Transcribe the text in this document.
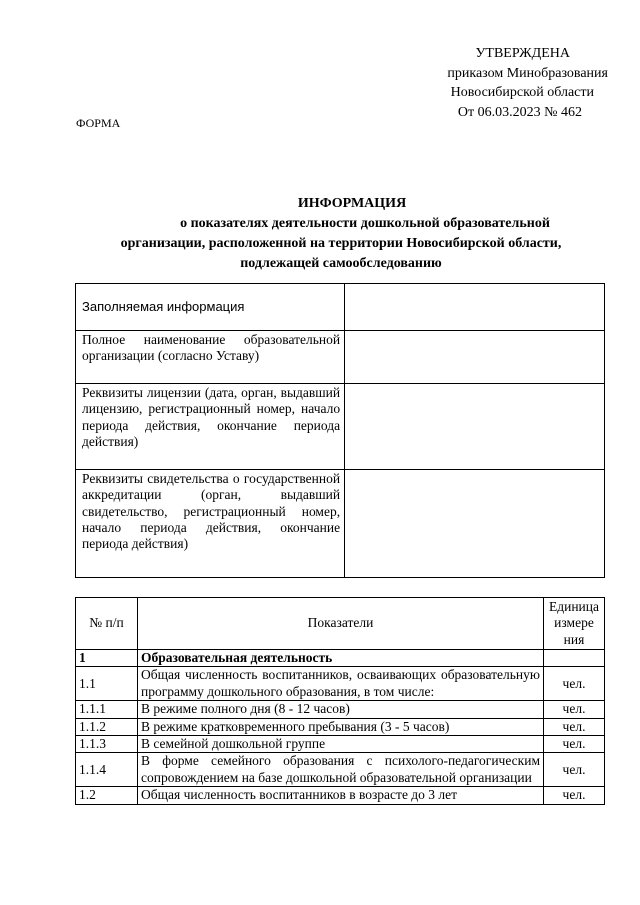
УТВЕРЖДЕНА
приказом Минобразования
Новосибирской области
От 06.03.2023 № 462
ФОРМА
ИНФОРМАЦИЯ
о показателях деятельности дошкольной образовательной
организации, расположенной на территории Новосибирской области,
подлежащей самообследованию
Заполняемая информация	
Полное наименование образовательной организации (согласно Уставу)	
Реквизиты лицензии (дата, орган, выдавший лицензию, регистрационный номер, начало периода действия, окончание периода действия)	
Реквизиты свидетельства о государственной аккредитации (орган, выдавший свидетельство, регистрационный номер, начало периода действия, окончание периода действия)	
№ п/п	Показатели	Единица измере ния
1	Образовательная деятельность	
1.1	Общая численность воспитанников, осваивающих образовательную программу дошкольного образования, в том числе:	чел.
1.1.1	В режиме полного дня (8 - 12 часов)	чел.
1.1.2	В режиме кратковременного пребывания (3 - 5 часов)	чел.
1.1.3	В семейной дошкольной группе	чел.
1.1.4	В форме семейного образования с психолого-педагогическим сопровождением на базе дошкольной образовательной организации	чел.
1.2	Общая численность воспитанников в возрасте до 3 лет	чел.
